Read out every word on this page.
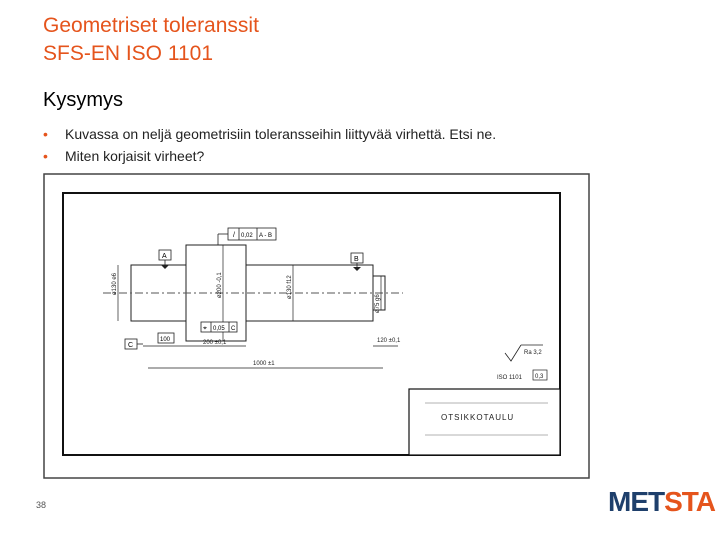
Geometriset toleranssit
SFS-EN ISO 1101
Kysymys
•	Kuvassa on neljä geometrisiin toleransseihin liittyvää virhettä. Etsi ne.
•	Miten korjaisit virheet?
/ 0,02 A - B
A	B
ø130 e6	ø200 -0,1	ø130 f12
ø75 g6
⌖ 0,05 C
C
100	200 ±0,1	120 ±0,1
1000 ±1
Ra 3,2
ISO 1101 0,3
OTSIKKOTAULU
38	METSTA
